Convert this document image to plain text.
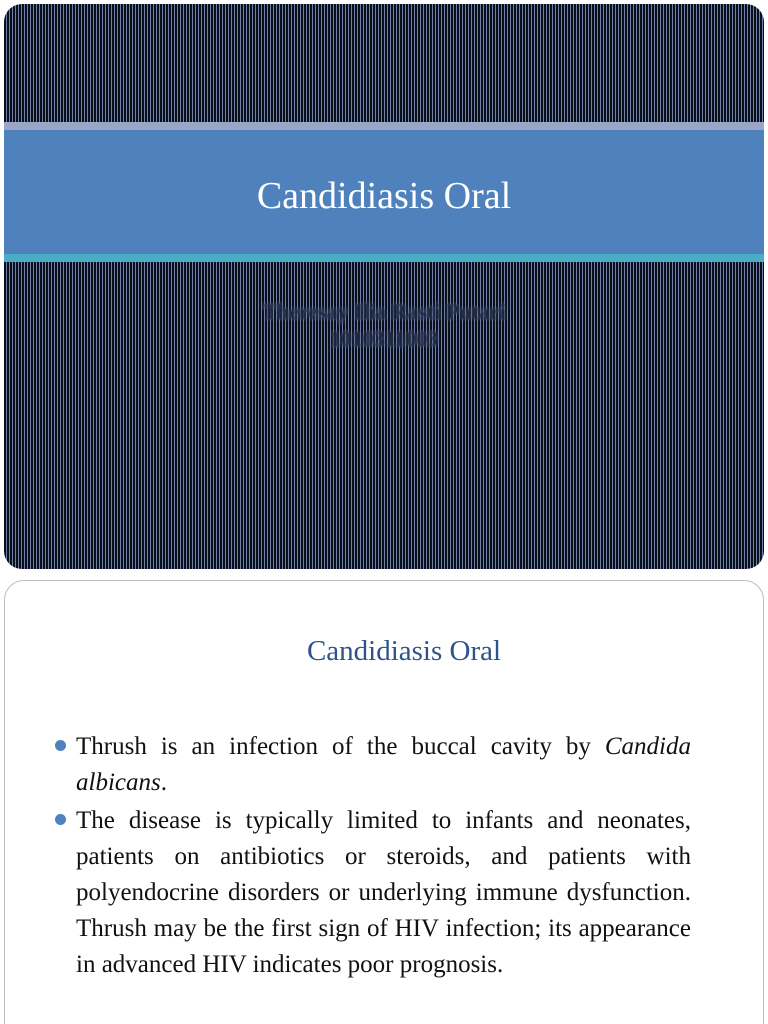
Candidiasis Oral
Theresay Ilia Rasti Putari
1010311003
Candidiasis Oral
Thrush is an infection of the buccal cavity by Candida albicans.
The disease is typically limited to infants and neonates, patients on antibiotics or steroids, and patients with polyendocrine disorders or underlying immune dysfunction. Thrush may be the first sign of HIV infection; its appearance in advanced HIV indicates poor prognosis.
